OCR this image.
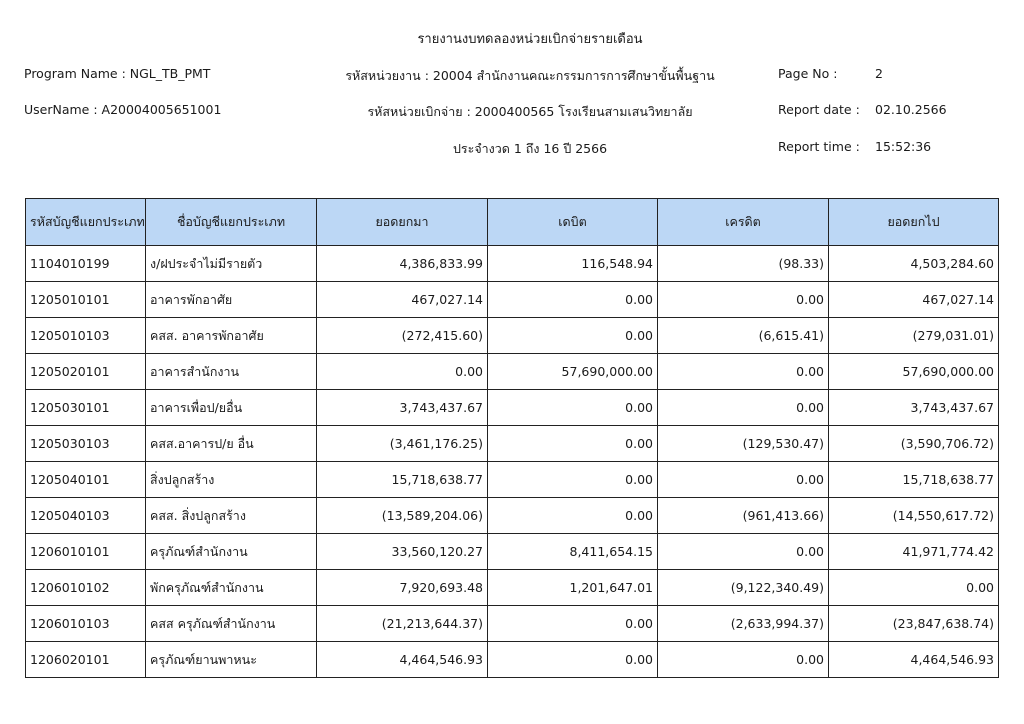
รายงานงบทดลองหน่วยเบิกจ่ายรายเดือน
Program Name : NGL_TB_PMT	รหัสหน่วยงาน : 20004 สำนักงานคณะกรรมการการศึกษาขั้นพื้นฐาน	Page No :	2
UserName : A20004005651001	รหัสหน่วยเบิกจ่าย : 2000400565 โรงเรียนสามเสนวิทยาลัย	Report date : 02.10.2566
ประจำงวด 1 ถึง 16 ปี 2566	Report time : 15:52:36
รหัสบัญชีแยกประเภท	ชื่อบัญชีแยกประเภท	ยอดยกมา	เดบิต	เครดิต	ยอดยกไป
1104010199	ง/ฝประจำไม่มีรายตัว	4,386,833.99	116,548.94	(98.33)	4,503,284.60
1205010101	อาคารพักอาศัย	467,027.14	0.00	0.00	467,027.14
1205010103	คสส. อาคารพักอาศัย	(272,415.60)	0.00	(6,615.41)	(279,031.01)
1205020101	อาคารสำนักงาน	0.00	57,690,000.00	0.00	57,690,000.00
1205030101	อาคารเพื่อป/ยอื่น	3,743,437.67	0.00	0.00	3,743,437.67
1205030103	คสส.อาคารป/ย อื่น	(3,461,176.25)	0.00	(129,530.47)	(3,590,706.72)
1205040101	สิ่งปลูกสร้าง	15,718,638.77	0.00	0.00	15,718,638.77
1205040103	คสส. สิ่งปลูกสร้าง	(13,589,204.06)	0.00	(961,413.66)	(14,550,617.72)
1206010101	ครุภัณฑ์สำนักงาน	33,560,120.27	8,411,654.15	0.00	41,971,774.42
1206010102	พักครุภัณฑ์สำนักงาน	7,920,693.48	1,201,647.01	(9,122,340.49)	0.00
1206010103	คสส ครุภัณฑ์สำนักงาน	(21,213,644.37)	0.00	(2,633,994.37)	(23,847,638.74)
1206020101	ครุภัณฑ์ยานพาหนะ	4,464,546.93	0.00	0.00	4,464,546.93
